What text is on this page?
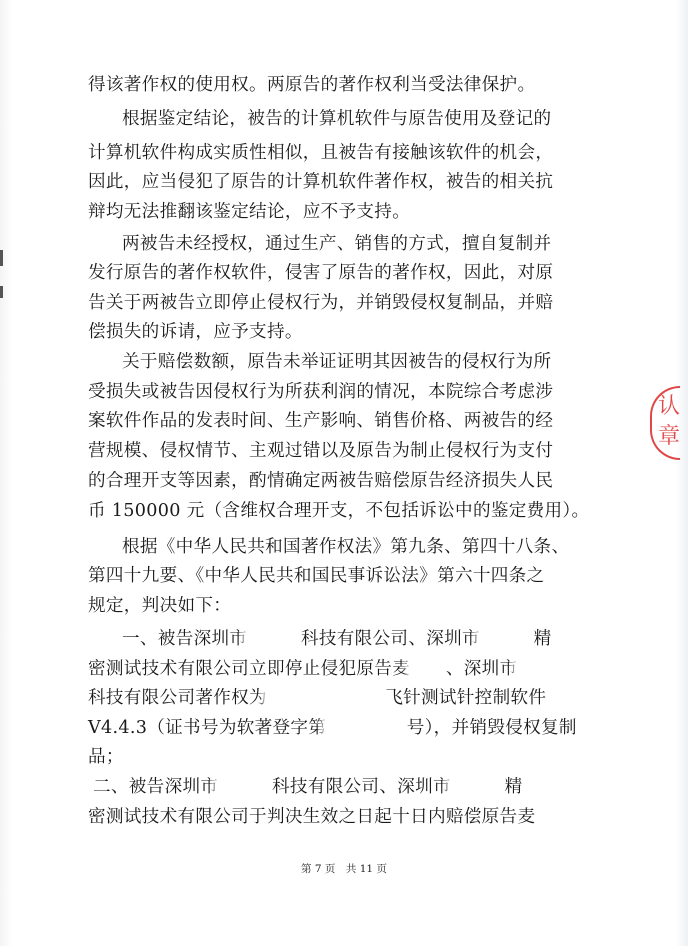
得该著作权的使用权。两原告的著作权利当受法律保护。
根据鉴定结论，被告的计算机软件与原告使用及登记的
计算机软件构成实质性相似，且被告有接触该软件的机会，
因此，应当侵犯了原告的计算机软件著作权，被告的相关抗
辩均无法推翻该鉴定结论，应不予支持。
两被告未经授权，通过生产、销售的方式，擅自复制并
发行原告的著作权软件，侵害了原告的著作权，因此，对原
告关于两被告立即停止侵权行为，并销毁侵权复制品，并赔
偿损失的诉请，应予支持。
关于赔偿数额，原告未举证证明其因被告的侵权行为所
受损失或被告因侵权行为所获利润的情况，本院综合考虑涉
案软件作品的发表时间、生产影响、销售价格、两被告的经
营规模、侵权情节、主观过错以及原告为制止侵权行为支付
的合理开支等因素，酌情确定两被告赔偿原告经济损失人民
币 150000 元（含维权合理开支，不包括诉讼中的鉴定费用）。
根据《中华人民共和国著作权法》第九条、第四十八条、
第四十九要、《中华人民共和国民事诉讼法》第六十四条之
规定，判决如下：
一、被告深圳市	科技有限公司、深圳市	精
密测试技术有限公司立即停止侵犯原告麦 、深圳市
科技有限公司著作权为	飞针测试针控制软件
V4.4.3（证书号为软著登字第	号），并销毁侵权复制
品；
二、被告深圳市	科技有限公司、深圳市	精
密测试技术有限公司于判决生效之日起十日内赔偿原告麦
认
章
第 7 页　共 11 页
